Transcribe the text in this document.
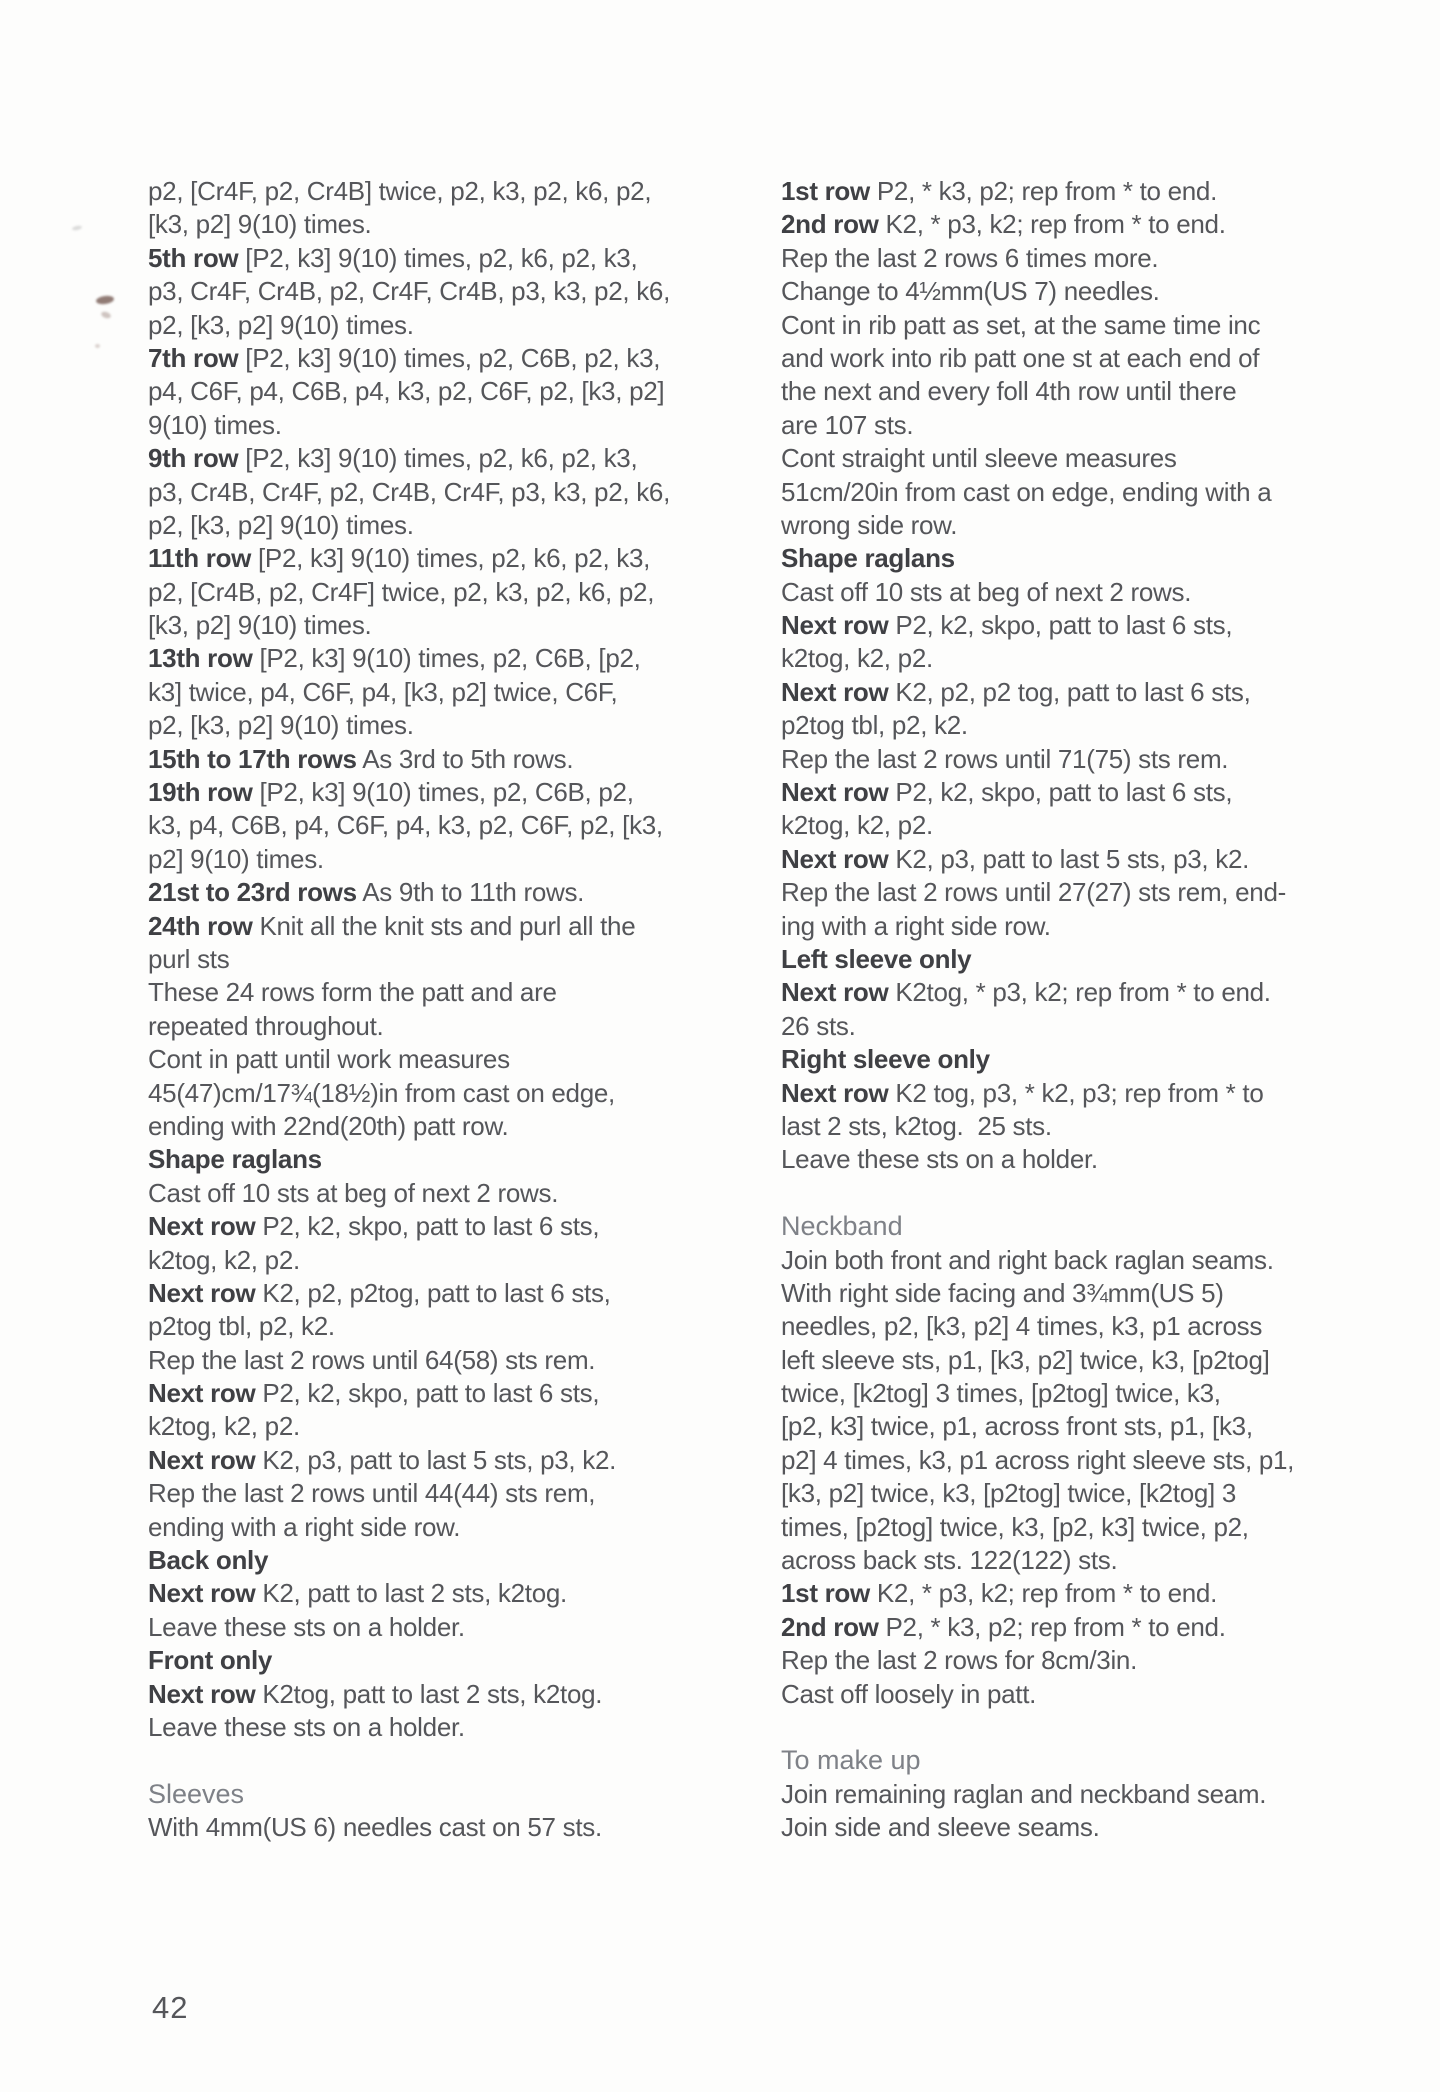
p2, [Cr4F, p2, Cr4B] twice, p2, k3, p2, k6, p2,
[k3, p2] 9(10) times.
5th row [P2, k3] 9(10) times, p2, k6, p2, k3,
p3, Cr4F, Cr4B, p2, Cr4F, Cr4B, p3, k3, p2, k6,
p2, [k3, p2] 9(10) times.
7th row [P2, k3] 9(10) times, p2, C6B, p2, k3,
p4, C6F, p4, C6B, p4, k3, p2, C6F, p2, [k3, p2]
9(10) times.
9th row [P2, k3] 9(10) times, p2, k6, p2, k3,
p3, Cr4B, Cr4F, p2, Cr4B, Cr4F, p3, k3, p2, k6,
p2, [k3, p2] 9(10) times.
11th row [P2, k3] 9(10) times, p2, k6, p2, k3,
p2, [Cr4B, p2, Cr4F] twice, p2, k3, p2, k6, p2,
[k3, p2] 9(10) times.
13th row [P2, k3] 9(10) times, p2, C6B, [p2,
k3] twice, p4, C6F, p4, [k3, p2] twice, C6F,
p2, [k3, p2] 9(10) times.
15th to 17th rows As 3rd to 5th rows.
19th row [P2, k3] 9(10) times, p2, C6B, p2,
k3, p4, C6B, p4, C6F, p4, k3, p2, C6F, p2, [k3,
p2] 9(10) times.
21st to 23rd rows As 9th to 11th rows.
24th row Knit all the knit sts and purl all the
purl sts
These 24 rows form the patt and are
repeated throughout.
Cont in patt until work measures
45(47)cm/17¾(18½)in from cast on edge,
ending with 22nd(20th) patt row.
Shape raglans
Cast off 10 sts at beg of next 2 rows.
Next row P2, k2, skpo, patt to last 6 sts,
k2tog, k2, p2.
Next row K2, p2, p2tog, patt to last 6 sts,
p2tog tbl, p2, k2.
Rep the last 2 rows until 64(58) sts rem.
Next row P2, k2, skpo, patt to last 6 sts,
k2tog, k2, p2.
Next row K2, p3, patt to last 5 sts, p3, k2.
Rep the last 2 rows until 44(44) sts rem,
ending with a right side row.
Back only
Next row K2, patt to last 2 sts, k2tog.
Leave these sts on a holder.
Front only
Next row K2tog, patt to last 2 sts, k2tog.
Leave these sts on a holder.
Sleeves
With 4mm(US 6) needles cast on 57 sts.
1st row P2, * k3, p2; rep from * to end.
2nd row K2, * p3, k2; rep from * to end.
Rep the last 2 rows 6 times more.
Change to 4½mm(US 7) needles.
Cont in rib patt as set, at the same time inc
and work into rib patt one st at each end of
the next and every foll 4th row until there
are 107 sts.
Cont straight until sleeve measures
51cm/20in from cast on edge, ending with a
wrong side row.
Shape raglans
Cast off 10 sts at beg of next 2 rows.
Next row P2, k2, skpo, patt to last 6 sts,
k2tog, k2, p2.
Next row K2, p2, p2 tog, patt to last 6 sts,
p2tog tbl, p2, k2.
Rep the last 2 rows until 71(75) sts rem.
Next row P2, k2, skpo, patt to last 6 sts,
k2tog, k2, p2.
Next row K2, p3, patt to last 5 sts, p3, k2.
Rep the last 2 rows until 27(27) sts rem, end-
ing with a right side row.
Left sleeve only
Next row K2tog, * p3, k2; rep from * to end.
26 sts.
Right sleeve only
Next row K2 tog, p3, * k2, p3; rep from * to
last 2 sts, k2tog.  25 sts.
Leave these sts on a holder.
Neckband
Join both front and right back raglan seams.
With right side facing and 3¾mm(US 5)
needles, p2, [k3, p2] 4 times, k3, p1 across
left sleeve sts, p1, [k3, p2] twice, k3, [p2tog]
twice, [k2tog] 3 times, [p2tog] twice, k3,
[p2, k3] twice, p1, across front sts, p1, [k3,
p2] 4 times, k3, p1 across right sleeve sts, p1,
[k3, p2] twice, k3, [p2tog] twice, [k2tog] 3
times, [p2tog] twice, k3, [p2, k3] twice, p2,
across back sts. 122(122) sts.
1st row K2, * p3, k2; rep from * to end.
2nd row P2, * k3, p2; rep from * to end.
Rep the last 2 rows for 8cm/3in.
Cast off loosely in patt.
To make up
Join remaining raglan and neckband seam.
Join side and sleeve seams.
42
